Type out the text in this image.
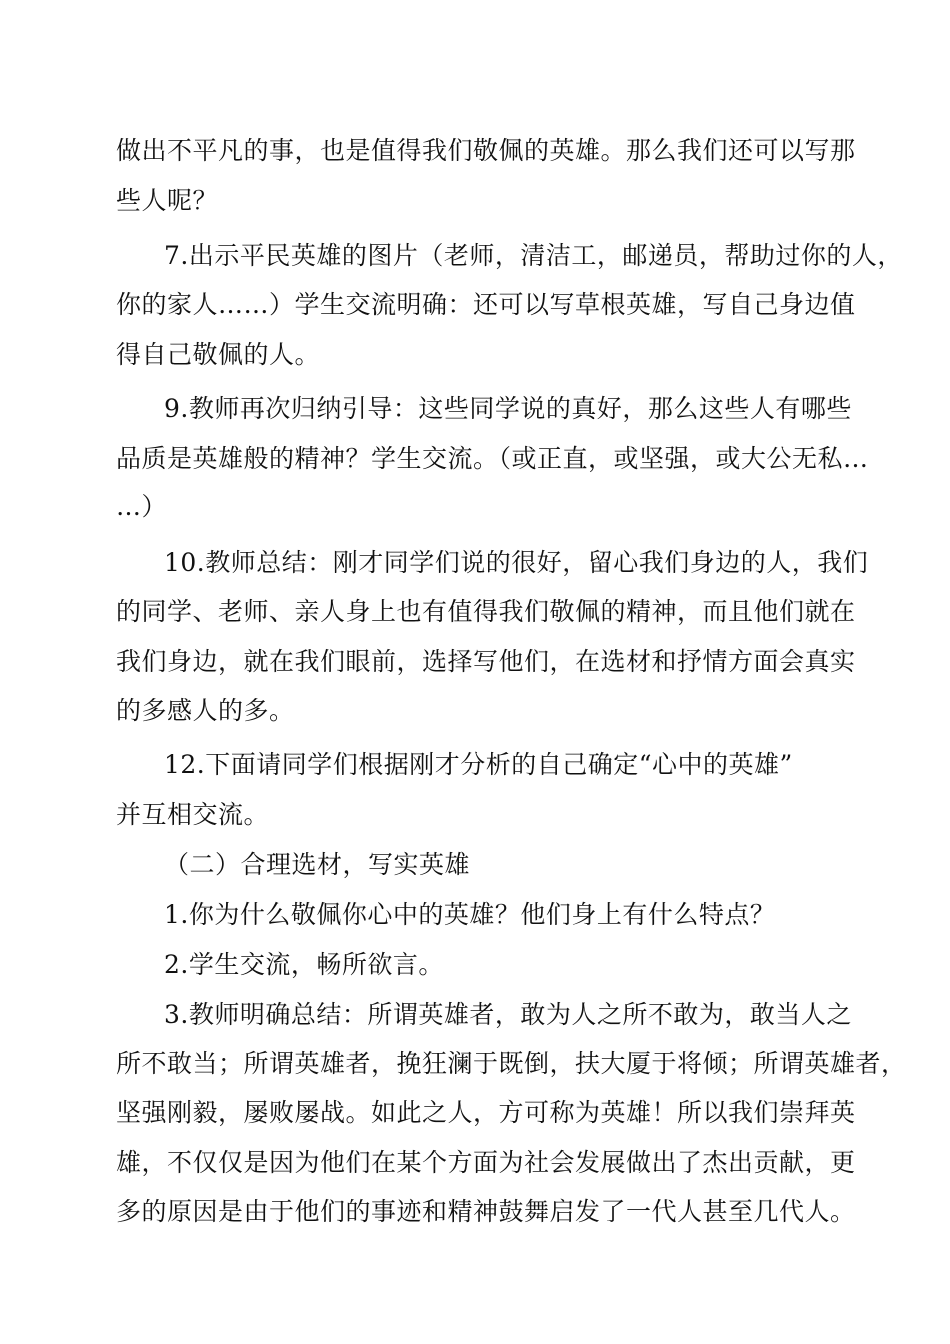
做出不平凡的事，也是值得我们敬佩的英雄。那么我们还可以写那
些人呢？
7.出示平民英雄的图片（老师，清洁工，邮递员，帮助过你的人，
你的家人……）学生交流明确：还可以写草根英雄，写自己身边值
得自己敬佩的人。
9.教师再次归纳引导：这些同学说的真好，那么这些人有哪些
品质是英雄般的精神？学生交流。（或正直，或坚强，或大公无私…
…）
10.教师总结：刚才同学们说的很好，留心我们身边的人，我们
的同学、老师、亲人身上也有值得我们敬佩的精神，而且他们就在
我们身边，就在我们眼前，选择写他们，在选材和抒情方面会真实
的多感人的多。
12.下面请同学们根据刚才分析的自己确定“心中的英雄”
并互相交流。
（二）合理选材，写实英雄
1.你为什么敬佩你心中的英雄？他们身上有什么特点？
2.学生交流，畅所欲言。
3.教师明确总结：所谓英雄者，敢为人之所不敢为，敢当人之
所不敢当；所谓英雄者，挽狂澜于既倒，扶大厦于将倾；所谓英雄者，
坚强刚毅，屡败屡战。如此之人，方可称为英雄！所以我们崇拜英
雄，不仅仅是因为他们在某个方面为社会发展做出了杰出贡献，更
多的原因是由于他们的事迹和精神鼓舞启发了一代人甚至几代人。
